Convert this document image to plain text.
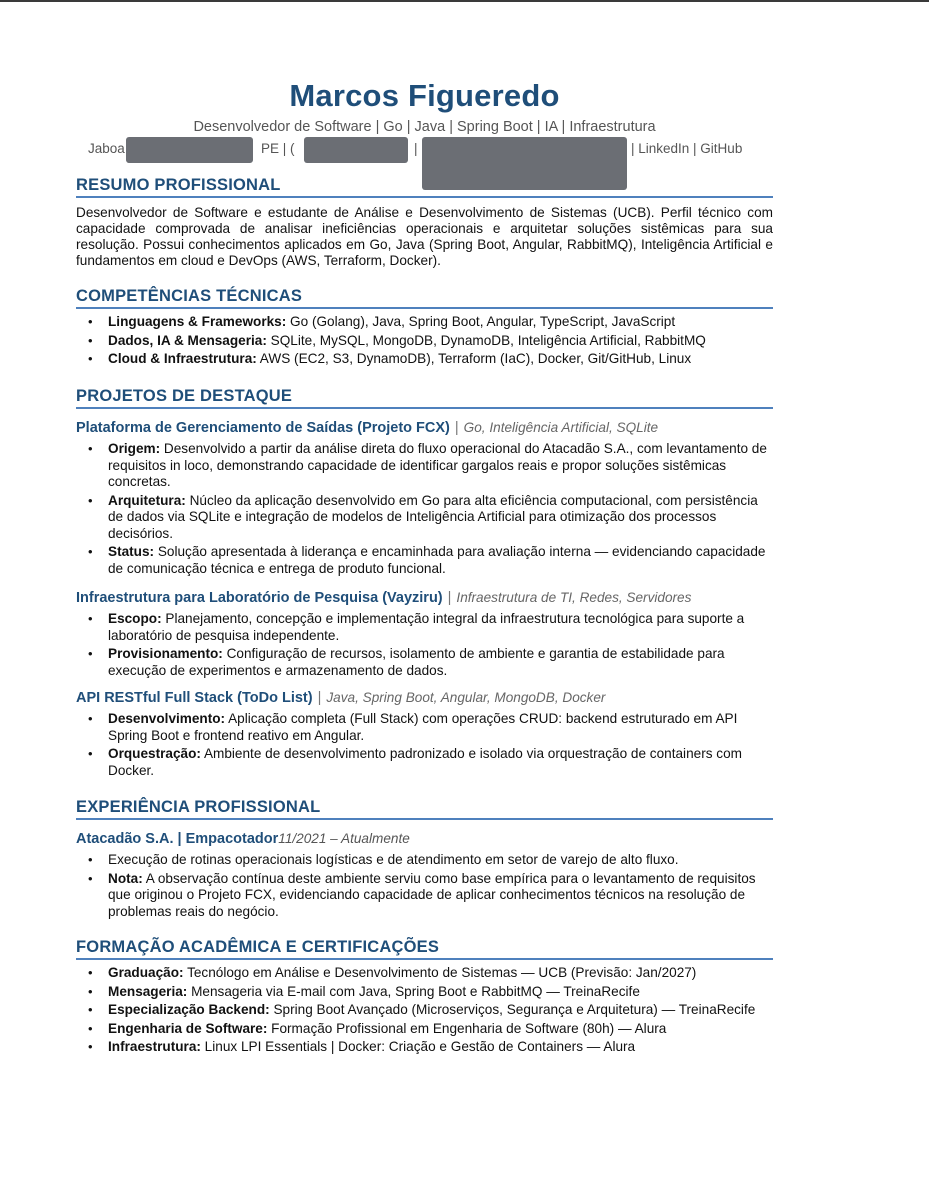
Marcos Figueredo
Desenvolvedor de Software | Go | Java | Spring Boot | IA | Infraestrutura
Jaboa	PE | (	|	| LinkedIn | GitHub
RESUMO PROFISSIONAL
Desenvolvedor de Software e estudante de Análise e Desenvolvimento de Sistemas (UCB). Perfil técnico com capacidade comprovada de analisar ineficiências operacionais e arquitetar soluções sistêmicas para sua resolução. Possui conhecimentos aplicados em Go, Java (Spring Boot, Angular, RabbitMQ), Inteligência Artificial e fundamentos em cloud e DevOps (AWS, Terraform, Docker).
COMPETÊNCIAS TÉCNICAS
• Linguagens & Frameworks: Go (Golang), Java, Spring Boot, Angular, TypeScript, JavaScript
• Dados, IA & Mensageria: SQLite, MySQL, MongoDB, DynamoDB, Inteligência Artificial, RabbitMQ
• Cloud & Infraestrutura: AWS (EC2, S3, DynamoDB), Terraform (IaC), Docker, Git/GitHub, Linux
PROJETOS DE DESTAQUE
Plataforma de Gerenciamento de Saídas (Projeto FCX) | Go, Inteligência Artificial, SQLite
• Origem: Desenvolvido a partir da análise direta do fluxo operacional do Atacadão S.A., com levantamento de requisitos in loco, demonstrando capacidade de identificar gargalos reais e propor soluções sistêmicas concretas.
• Arquitetura: Núcleo da aplicação desenvolvido em Go para alta eficiência computacional, com persistência de dados via SQLite e integração de modelos de Inteligência Artificial para otimização dos processos decisórios.
• Status: Solução apresentada à liderança e encaminhada para avaliação interna — evidenciando capacidade de comunicação técnica e entrega de produto funcional.
Infraestrutura para Laboratório de Pesquisa (Vayziru) | Infraestrutura de TI, Redes, Servidores
• Escopo: Planejamento, concepção e implementação integral da infraestrutura tecnológica para suporte a laboratório de pesquisa independente.
• Provisionamento: Configuração de recursos, isolamento de ambiente e garantia de estabilidade para execução de experimentos e armazenamento de dados.
API RESTful Full Stack (ToDo List) | Java, Spring Boot, Angular, MongoDB, Docker
• Desenvolvimento: Aplicação completa (Full Stack) com operações CRUD: backend estruturado em API Spring Boot e frontend reativo em Angular.
• Orquestração: Ambiente de desenvolvimento padronizado e isolado via orquestração de containers com Docker.
EXPERIÊNCIA PROFISSIONAL
Atacadão S.A. | Empacotador11/2021 – Atualmente
• Execução de rotinas operacionais logísticas e de atendimento em setor de varejo de alto fluxo.
• Nota: A observação contínua deste ambiente serviu como base empírica para o levantamento de requisitos que originou o Projeto FCX, evidenciando capacidade de aplicar conhecimentos técnicos na resolução de problemas reais do negócio.
FORMAÇÃO ACADÊMICA E CERTIFICAÇÕES
• Graduação: Tecnólogo em Análise e Desenvolvimento de Sistemas — UCB (Previsão: Jan/2027)
• Mensageria: Mensageria via E-mail com Java, Spring Boot e RabbitMQ — TreinaRecife
• Especialização Backend: Spring Boot Avançado (Microserviços, Segurança e Arquitetura) — TreinaRecife
• Engenharia de Software: Formação Profissional em Engenharia de Software (80h) — Alura
• Infraestrutura: Linux LPI Essentials | Docker: Criação e Gestão de Containers — Alura
